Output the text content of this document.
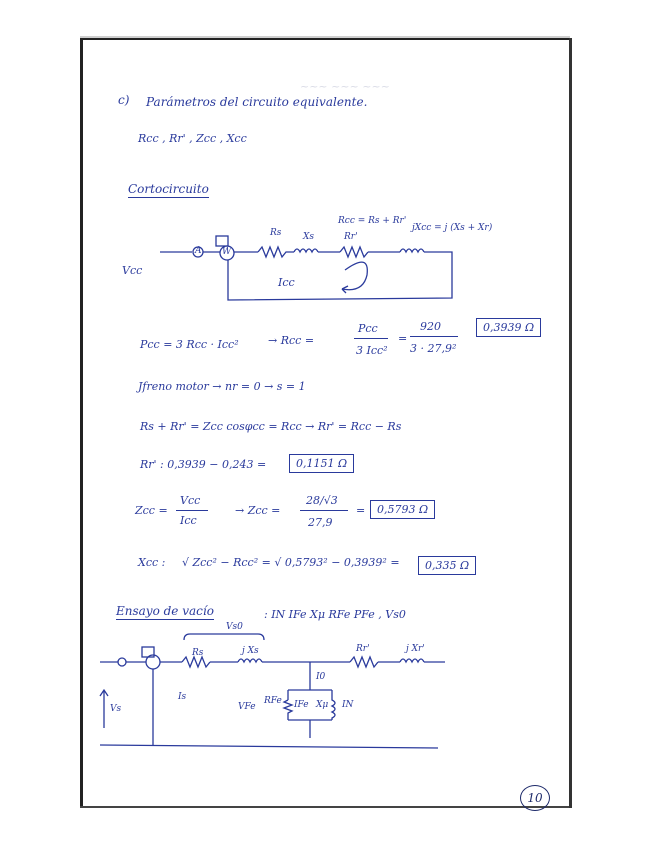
~~~ ~~~ ~~~
c) Parámetros del circuito equivalente.
Rcc , Rr' , Zcc , Xcc
Cortocircuito
A W
Rs Xs	Rr'
Rcc = Rs + Rr'
jXcc = j (Xs + Xr)
Vcc
Icc
Pcc = 3 Rcc · Icc²	→ Rcc =
Pcc
3 Icc²
=
920
3 · 27,9²
0,3939 Ω
Jfreno motor → nr = 0 → s = 1
Rs + Rr' = Zcc cosφcc = Rcc → Rr' = Rcc − Rs
Rr' : 0,3939 − 0,243 =	0,1151 Ω
Zcc =
Vcc
Icc
→ Zcc =
28/√3
27,9
=	0,5793 Ω
Xcc : √ Zcc² − Rcc² = √ 0,5793² − 0,3939² =	0,335 Ω
Ensayo de vacío	: IN IFe Xμ RFe PFe , Vs0
Vs0
Rs	j Xs	Rr'	j Xr'
Is
I0
VFe
RFe IFe Xμ IN
Vs
10
